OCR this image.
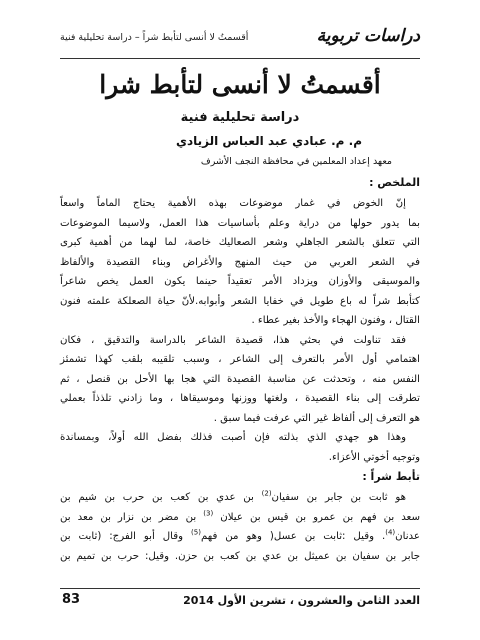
دراسات تربوية
أقسمتُ لا أنسى لتأبط شراً – دراسة تحليلية فنية
أقسمتُ لا أنسى لتأبط شرا
دراسة تحليلية فنية
م. م. عبادي عبد العباس الزيادي
معهد إعداد المعلمين في محافظة النجف الأشرف
الملخص :
إنّ الخوض في غمار موضوعات بهذه الأهمية يحتاج الماماً واسعاً
بما يدور حولها من دراية وعلم بأساسيات هذا العمل، ولاسيما الموضوعات
التي تتعلق بالشعر الجاهلي وشعر الصعاليك خاصة، لما لهما من أهمية كبرى
في الشعر العربي من حيث المنهج والأغراض وبناء القصيدة والألفاظ
والموسيقى والأوزان ويزداد الأمر تعقيداً حينما يكون العمل يخص شاعراً
كتأبط شراً له باع طويل في خفايا الشعر وأبوابه.لأنّ حياة الصعلكة علمته فنون
القتال ، وفنون الهجاء والأخذ بغير عطاء .
فقد تناولت في بحثي هذا، قصيدة الشاعر بالدراسة والتدقيق ، فكان
اهتمامي أول الأمر بالتعرف إلى الشاعر ، وسبب تلقيبه بلقب كهذا تشمئز
النفس منه ، وتحدثت عن مناسبة القصيدة التي هجا بها الأحل بن قنصل ، ثم
تطرقت إلى بناء القصيدة ، ولغتها ووزنها وموسيقاها ، وما زادني تلذذاً بعملي
هو التعرف إلى ألفاظ غير التي عرفت فيما سبق .
وهذا هو جهدي الذي بذلته فإن أصبت فذلك بفضل الله أولاً، وبمساندة
وتوجيه أخوتي الأعزاء.
تأبط شراً :
هو ثابت بن جابر بن سفيان$^{(2)}$ بن عدي بن كعب بن حرب بن شيم بن
سعد بن فهم بن عمرو بن قيس بن عيلان $^{(3)}$ بن مضر بن نزار بن معد بن
عدنان$^{(4)}$. وقيل :ثابت بن عسل( وهو من فهم$^{(5)}$ وقال أبو الفرج: (ثابت بن
جابر بن سفيان بن عميثل بن عدي بن كعب بن حزن. وقيل: حرب بن تميم بن
العدد الثامن والعشرون ، تشرين الأول 2014
83
